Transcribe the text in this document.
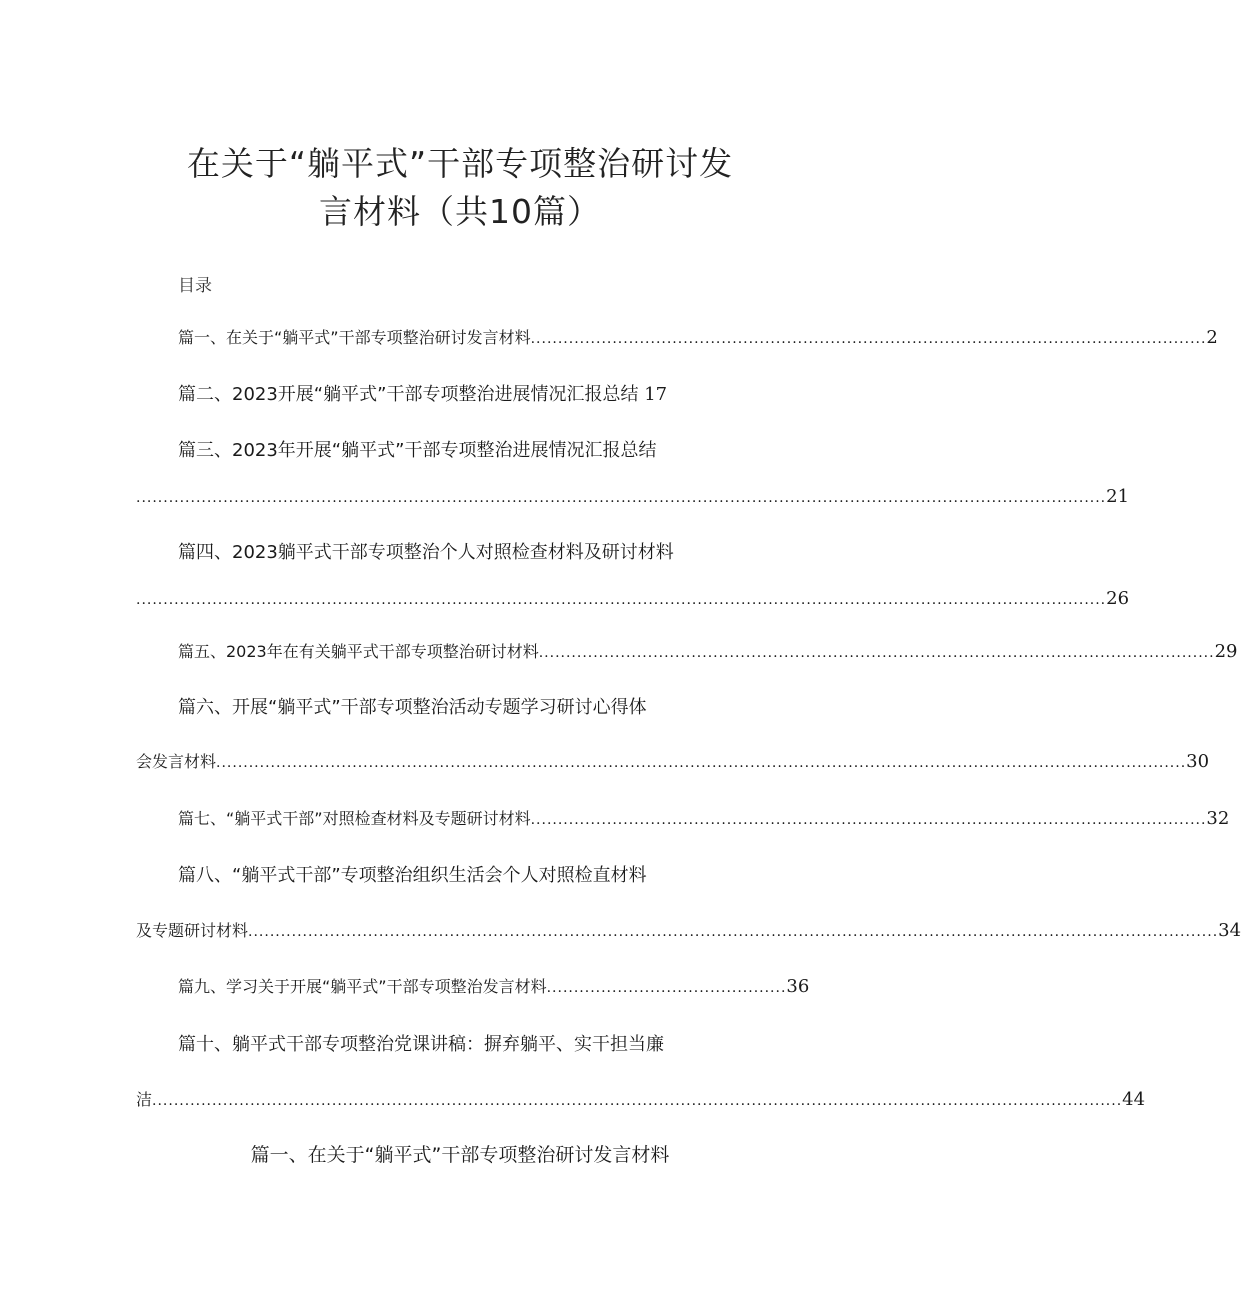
在关于“躺平式”干部专项整治研讨发
言材料（共10篇）
目录
篇一、在关于“躺平式”干部专项整治研讨发言材料 ............................................................................................................................ 2
篇二、2023开展“躺平式”干部专项整治进展情况汇报总结 17
篇三、2023年开展“躺平式”干部专项整治进展情况汇报总结
.................................................................................................................................................................................. 21
篇四、2023躺平式干部专项整治个人对照检查材料及研讨材料
.................................................................................................................................................................................. 26
篇五、2023年在有关躺平式干部专项整治研讨材料 ............................................................................................................................ 29
篇六、开展“躺平式”干部专项整治活动专题学习研讨心得体
会发言材料 .................................................................................................................................................................................. 30
篇七、“躺平式干部”对照检查材料及专题研讨材料 ............................................................................................................................ 32
篇八、“躺平式干部”专项整治组织生活会个人对照检直材料
及专题研讨材料 .................................................................................................................................................................................. 34
篇九、学习关于开展“躺平式”干部专项整治发言材料 ............................................ 36
篇十、躺平式干部专项整治党课讲稿：摒弃躺平、实干担当廉
洁 .................................................................................................................................................................................. 44
篇一、在关于“躺平式”干部专项整治研讨发言材料
